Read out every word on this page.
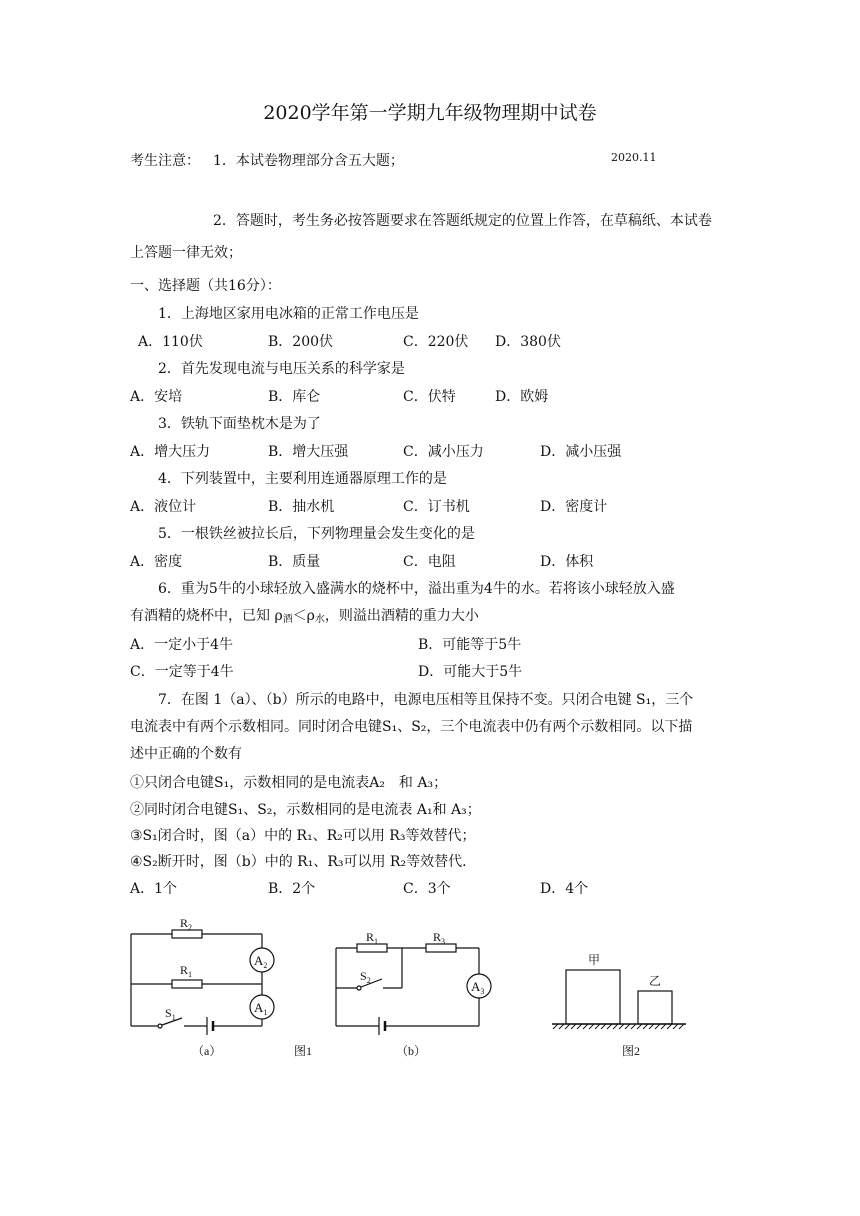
2020学年第一学期九年级物理期中试卷
2020.11
考生注意： 1．本试卷物理部分含五大题；
2．答题时，考生务必按答题要求在答题纸规定的位置上作答，在草稿纸、本试卷
上答题一律无效；
一、选择题（共16分）：
1．上海地区家用电冰箱的正常工作电压是
A．110伏	B．200伏	C．220伏 D．380伏
2．首先发现电流与电压关系的科学家是
A．安培	B．库仑	C．伏特	D．欧姆
3．铁轨下面垫枕木是为了
A．增大压力	B．增大压强	C．减小压力	D．减小压强
4．下列装置中，主要利用连通器原理工作的是
A．液位计	B．抽水机	C．订书机	D．密度计
5．一根铁丝被拉长后，下列物理量会发生变化的是
A．密度	B．质量	C．电阻	D．体积
6．重为5牛的小球轻放入盛满水的烧杯中，溢出重为4牛的水。若将该小球轻放入盛
有酒精的烧杯中，已知 $\rho_酒<\rho_水$，则溢出酒精的重力大小
A．一定小于4牛	B．可能等于5牛
C．一定等于4牛	D．可能大于5牛
7．在图 1（a）、（b）所示的电路中，电源电压相等且保持不变。只闭合电键 S₁，三个
电流表中有两个示数相同。同时闭合电键S₁、S₂，三个电流表中仍有两个示数相同。以下描
述中正确的个数有
①只闭合电键S₁，示数相同的是电流表A₂　和 A₃；
②同时闭合电键S₁、S₂，示数相同的是电流表 A₁和 A₃；
③S₁闭合时，图（a）中的 R₁、R₂可以用 R₃等效替代；
④S₂断开时，图（b）中的 R₁、R₃可以用 R₂等效替代.
A．1个	B．2个	C．3个	D．4个
$R_2$
$R_1$
$A_2$
$A_1$
$S_1$
$R_1$	$R_3$
$S_2$	$A_3$
甲
乙
（a）	图1	（b）	图2
